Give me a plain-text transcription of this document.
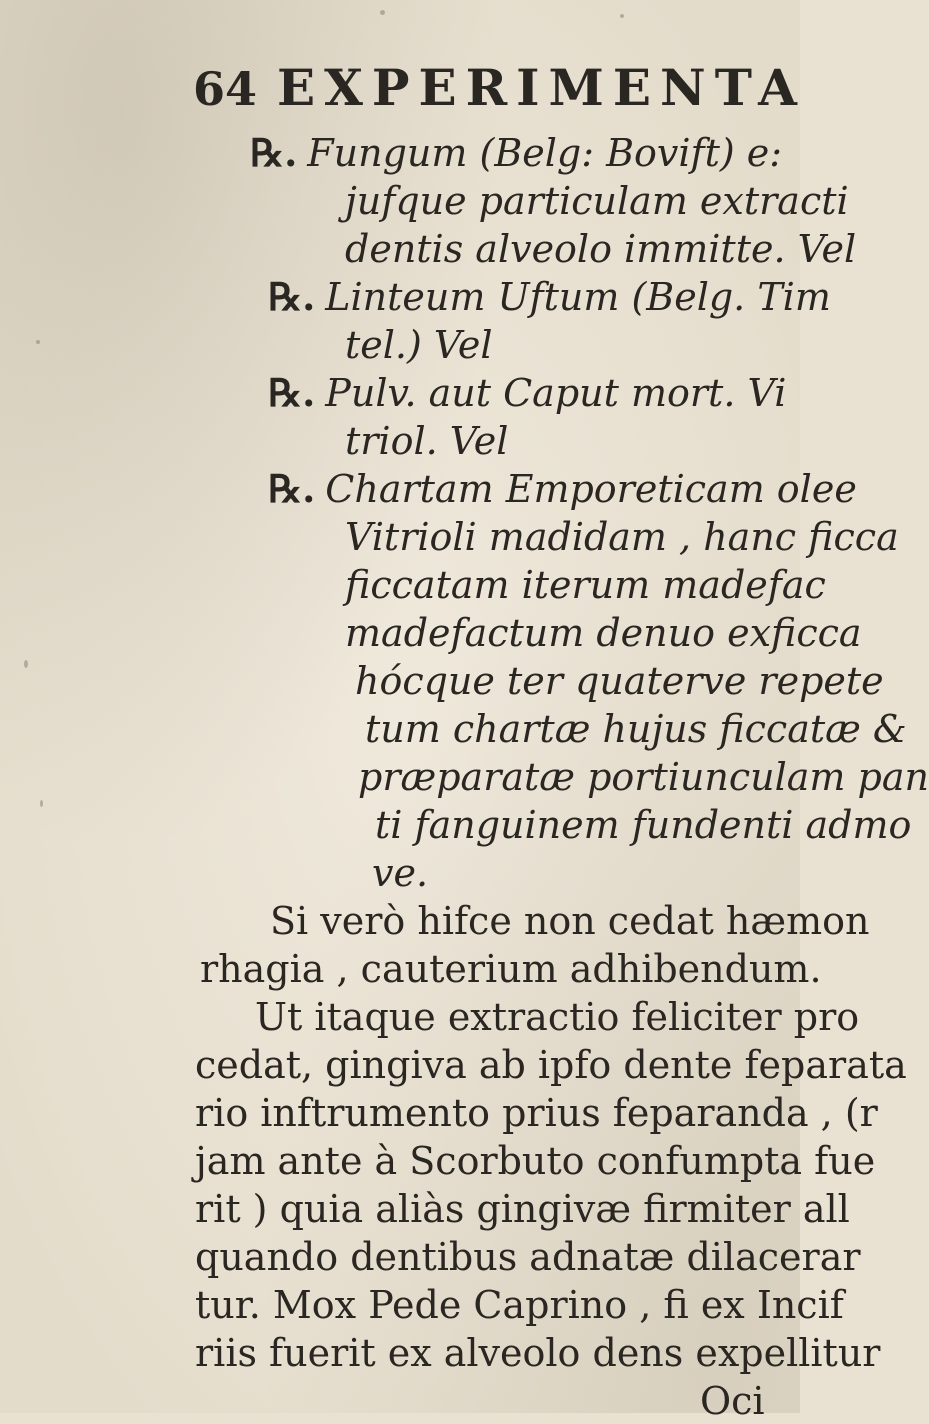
64 EXPERIMENTA
℞. Fungum (Belg: Bovift) e:
jufque particulam extracti
dentis alveolo immitte. Vel
℞. Linteum Uftum (Belg. Tim
tel.) Vel
℞. Pulv. aut Caput mort. Vi
triol. Vel
℞. Chartam Emporeticam olee
Vitrioli madidam , hanc ficca
ficcatam iterum madefac
madefactum denuo exficca
hócque ter quaterve repete
tum chartæ hujus ficcatæ &
præparatæ portiunculam pan
ti fanguinem fundenti admo
ve.
Si verò hifce non cedat hæmon
rhagia , cauterium adhibendum.
Ut itaque extractio feliciter pro
cedat, gingiva ab ipfo dente feparata
rio inftrumento prius feparanda , (r
jam ante à Scorbuto confumpta fue
rit ) quia aliàs gingivæ firmiter all
quando dentibus adnatæ dilacerar
tur. Mox Pede Caprino , fi ex Incif
riis fuerit ex alveolo dens expellitur
Oci
